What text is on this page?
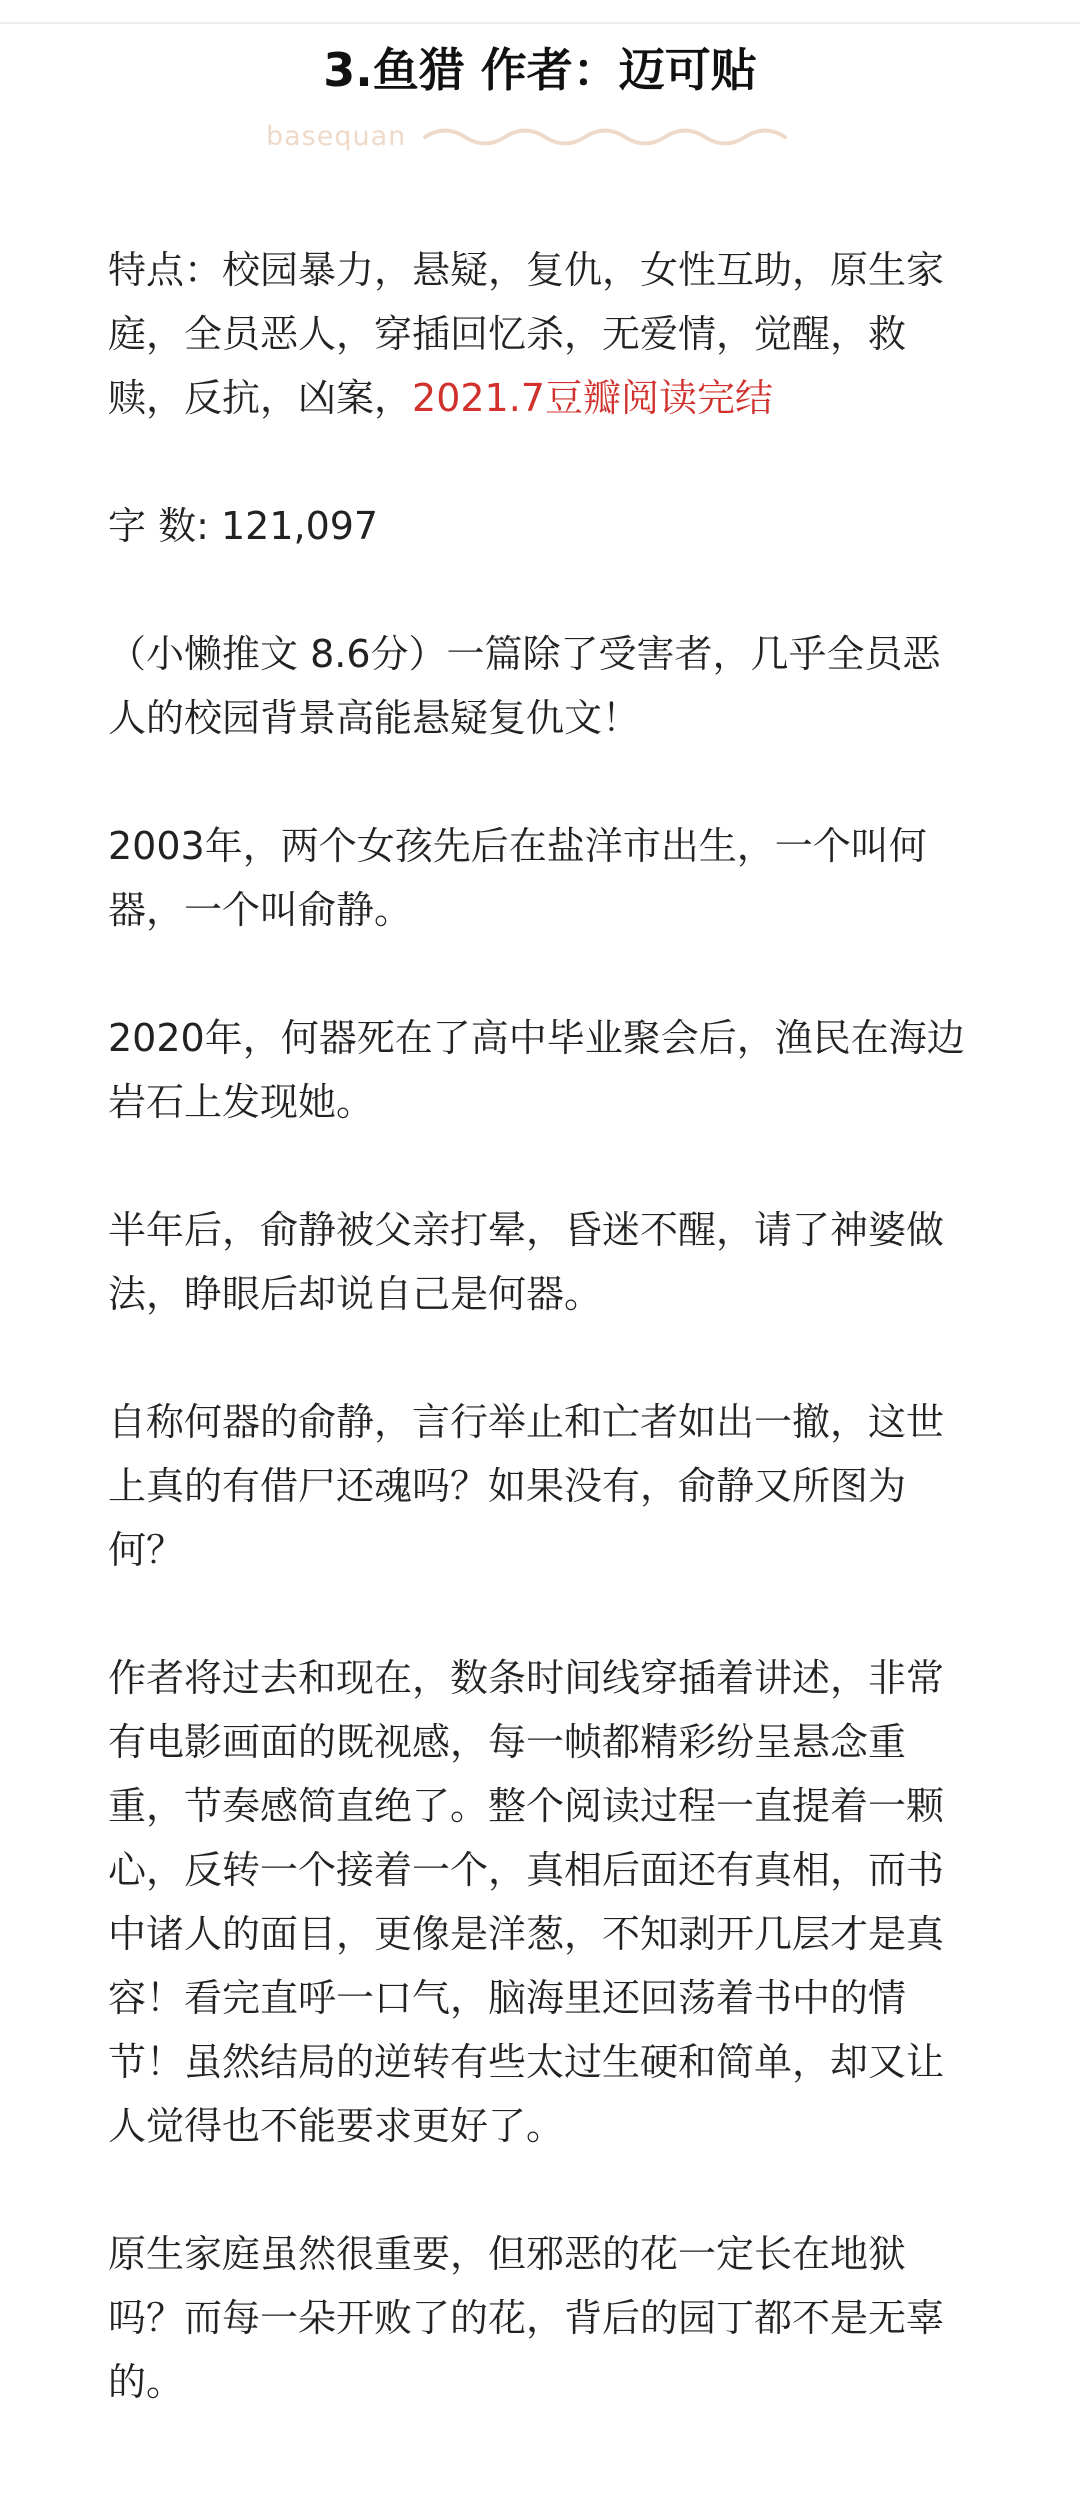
3.鱼猎 作者：迈可贴
basequan

特点：校园暴力，悬疑，复仇，女性互助，原生家庭，全员恶人，穿插回忆杀，无爱情，觉醒，救赎，反抗，凶案，2021.7豆瓣阅读完结

字 数: 121,097

（小懒推文 8.6分）一篇除了受害者，几乎全员恶人的校园背景高能悬疑复仇文！

2003年，两个女孩先后在盐洋市出生，一个叫何器，一个叫俞静。

2020年，何器死在了高中毕业聚会后，渔民在海边岩石上发现她。

半年后，俞静被父亲打晕，昏迷不醒，请了神婆做法，睁眼后却说自己是何器。

自称何器的俞静，言行举止和亡者如出一撤，这世上真的有借尸还魂吗？如果没有，俞静又所图为何？

作者将过去和现在，数条时间线穿插着讲述，非常有电影画面的既视感，每一帧都精彩纷呈悬念重重，节奏感简直绝了。整个阅读过程一直提着一颗心，反转一个接着一个，真相后面还有真相，而书中诸人的面目，更像是洋葱，不知剥开几层才是真容！看完直呼一口气，脑海里还回荡着书中的情节！虽然结局的逆转有些太过生硬和简单，却又让人觉得也不能要求更好了。

原生家庭虽然很重要，但邪恶的花一定长在地狱吗？而每一朵开败了的花，背后的园丁都不是无辜的。
